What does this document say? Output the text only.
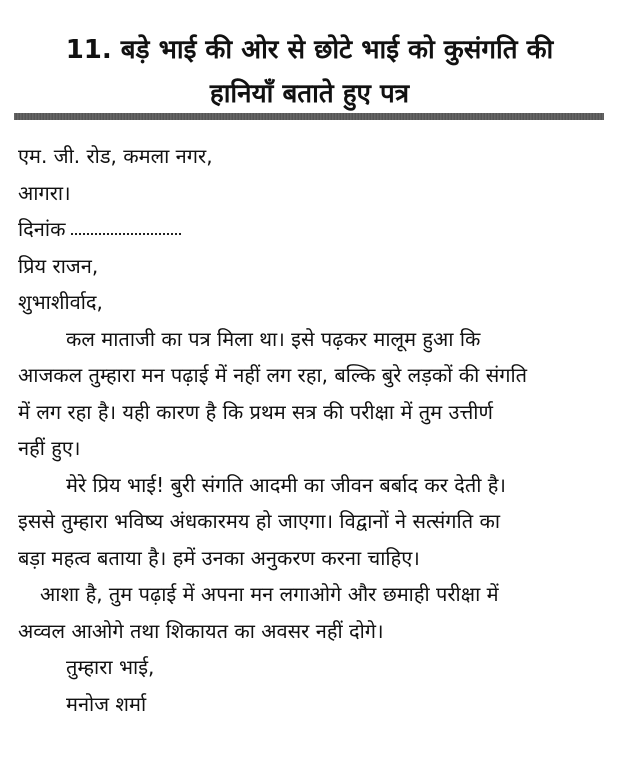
11. बड़े भाई की ओर से छोटे भाई को कुसंगति की
हानियाँ बताते हुए पत्र
एम. जी. रोड, कमला नगर,
आगरा।
दिनांक
प्रिय राजन,
शुभाशीर्वाद,
कल माताजी का पत्र मिला था। इसे पढ़कर मालूम हुआ कि
आजकल तुम्हारा मन पढ़ाई में नहीं लग रहा, बल्कि बुरे लड़कों की संगति
में लग रहा है। यही कारण है कि प्रथम सत्र की परीक्षा में तुम उत्तीर्ण
नहीं हुए।
मेरे प्रिय भाई! बुरी संगति आदमी का जीवन बर्बाद कर देती है।
इससे तुम्हारा भविष्य अंधकारमय हो जाएगा। विद्वानों ने सत्संगति का
बड़ा महत्व बताया है। हमें उनका अनुकरण करना चाहिए।
आशा है, तुम पढ़ाई में अपना मन लगाओगे और छमाही परीक्षा में
अव्वल आओगे तथा शिकायत का अवसर नहीं दोगे।
तुम्हारा भाई,
मनोज शर्मा
